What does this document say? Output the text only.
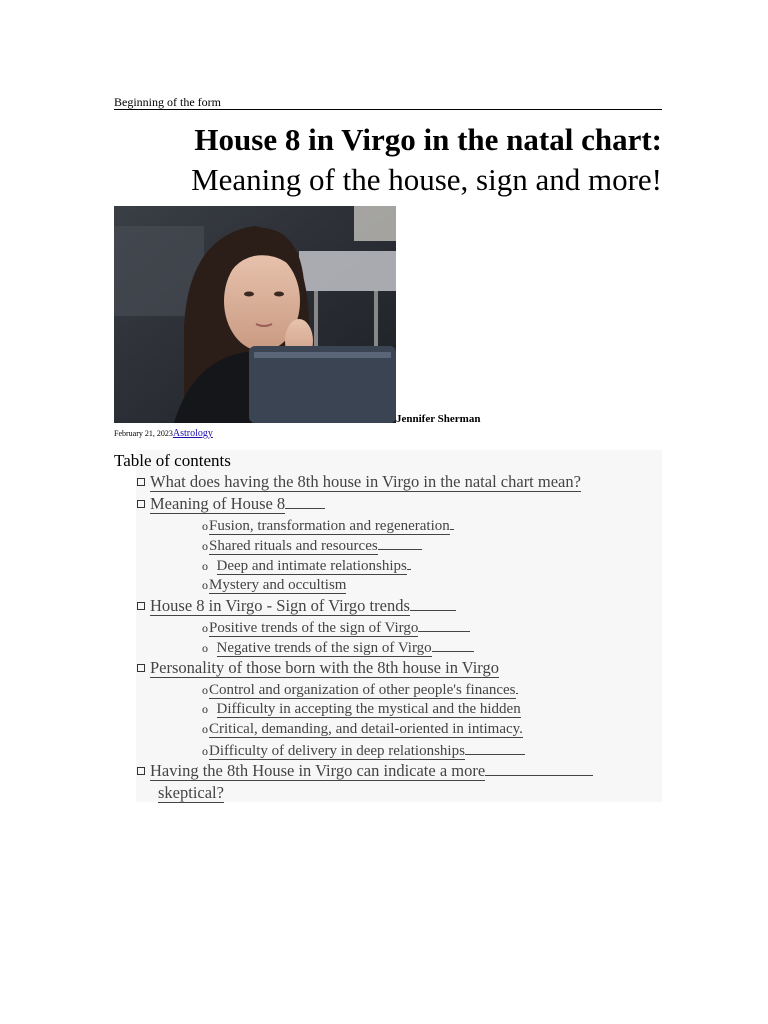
Beginning of the form
House 8 in Virgo in the natal chart:
Meaning of the house, sign and more!
Jennifer Sherman
February 21, 2023Astrology
Table of contents
What does having the 8th house in Virgo in the natal chart mean?
Meaning of House 8
oFusion, transformation and regeneration
oShared rituals and resources
o Deep and intimate relationships
oMystery and occultism
House 8 in Virgo - Sign of Virgo trends
oPositive trends of the sign of Virgo
o Negative trends of the sign of Virgo
Personality of those born with the 8th house in Virgo
oControl and organization of other people's finances
o Difficulty in accepting the mystical and the hidden
oCritical, demanding, and detail-oriented in intimacy.
oDifficulty of delivery in deep relationships
Having the 8th House in Virgo can indicate a more
skeptical?
